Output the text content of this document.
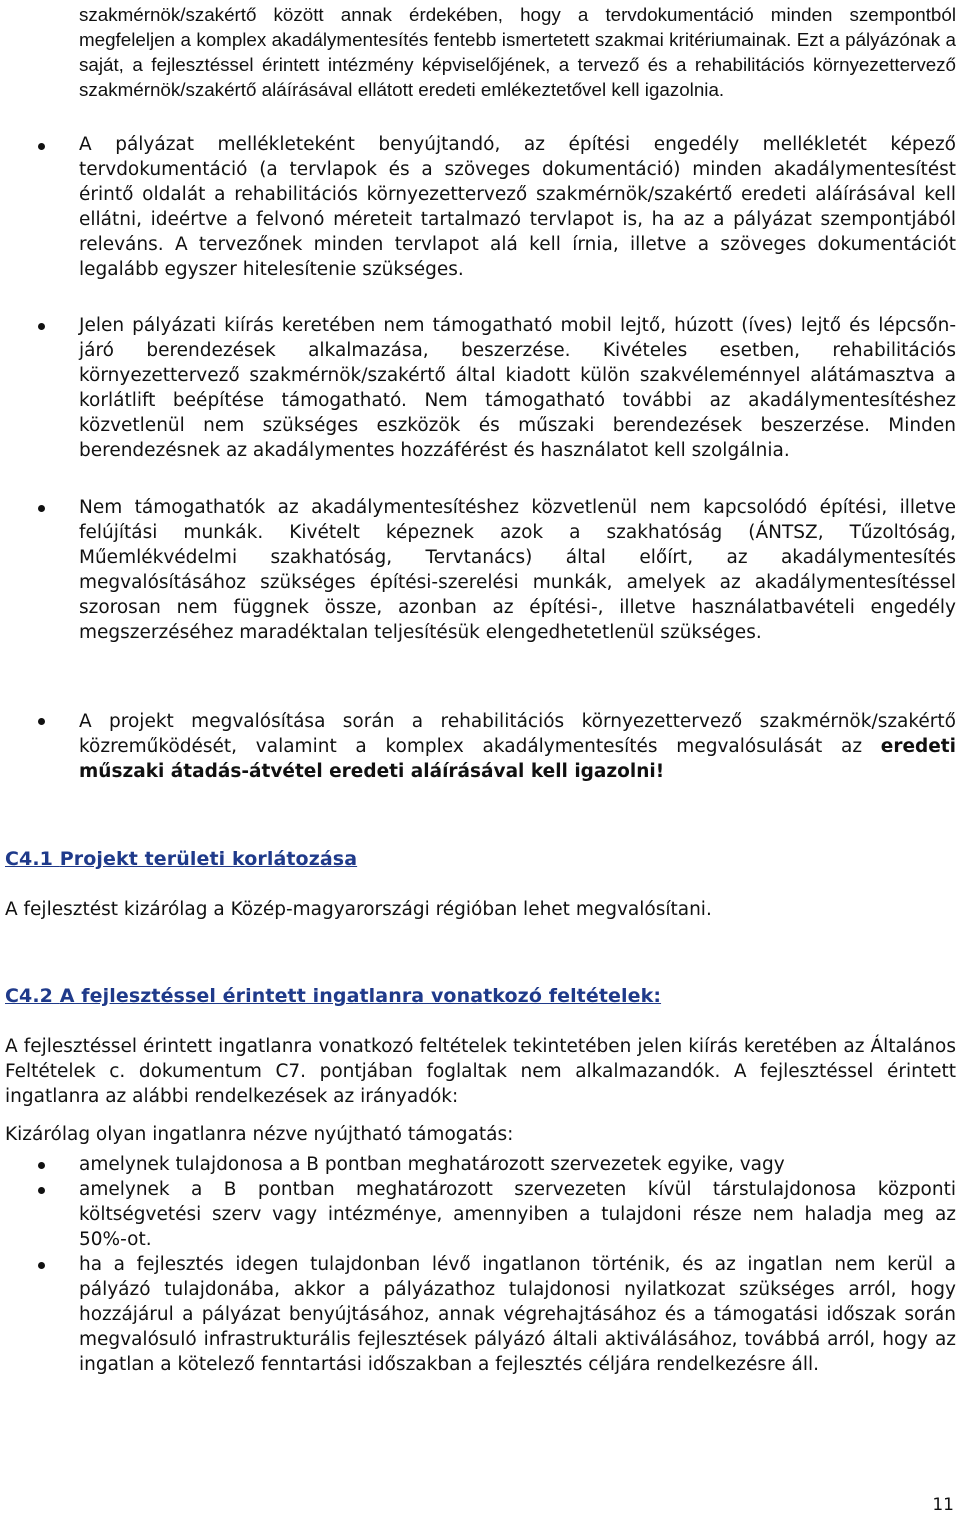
szakmérnök/szakértő között annak érdekében, hogy a tervdokumentáció minden szempontból megfeleljen a komplex akadálymentesítés fentebb ismertetett szakmai kritériumainak. Ezt a pályázónak a saját, a fejlesztéssel érintett intézmény képviselőjének, a tervező és a rehabilitációs környezettervező szakmérnök/szakértő aláírásával ellátott eredeti emlékeztetővel kell igazolnia.

A pályázat mellékleteként benyújtandó, az építési engedély mellékletét képező tervdokumentáció (a tervlapok és a szöveges dokumentáció) minden akadálymentesítést érintő oldalát a rehabilitációs környezettervező szakmérnök/szakértő eredeti aláírásával kell ellátni, ideértve a felvonó méreteit tartalmazó tervlapot is, ha az a pályázat szempontjából releváns. A tervezőnek minden tervlapot alá kell írnia, illetve a szöveges dokumentációt legalább egyszer hitelesítenie szükséges.

Jelen pályázati kiírás keretében nem támogatható mobil lejtő, húzott (íves) lejtő és lépcsőn-járó berendezések alkalmazása, beszerzése. Kivételes esetben, rehabilitációs környezettervező szakmérnök/szakértő által kiadott külön szakvéleménnyel alátámasztva a korlátlift beépítése támogatható. Nem támogatható további az akadálymentesítéshez közvetlenül nem szükséges eszközök és műszaki berendezések beszerzése. Minden berendezésnek az akadálymentes hozzáférést és használatot kell szolgálnia.

Nem támogathatók az akadálymentesítéshez közvetlenül nem kapcsolódó építési, illetve felújítási munkák. Kivételt képeznek azok a szakhatóság (ÁNTSZ, Tűzoltóság, Műemlékvédelmi szakhatóság, Tervtanács) által előírt, az akadálymentesítés megvalósításához szükséges építési-szerelési munkák, amelyek az akadálymentesítéssel szorosan nem függnek össze, azonban az építési-, illetve használatbavételi engedély megszerzéséhez maradéktalan teljesítésük elengedhetetlenül szükséges.

A projekt megvalósítása során a rehabilitációs környezettervező szakmérnök/szakértő közreműködését, valamint a komplex akadálymentesítés megvalósulását az eredeti műszaki átadás-átvétel eredeti aláírásával kell igazolni!

C4.1 Projekt területi korlátozása

A fejlesztést kizárólag a Közép-magyarországi régióban lehet megvalósítani.

C4.2 A fejlesztéssel érintett ingatlanra vonatkozó feltételek:

A fejlesztéssel érintett ingatlanra vonatkozó feltételek tekintetében jelen kiírás keretében az Általános Feltételek c. dokumentum C7. pontjában foglaltak nem alkalmazandók. A fejlesztéssel érintett ingatlanra az alábbi rendelkezések az irányadók:

Kizárólag olyan ingatlanra nézve nyújtható támogatás:

amelynek tulajdonosa a B pontban meghatározott szervezetek egyike, vagy

amelynek a B pontban meghatározott szervezeten kívül társtulajdonosa központi költségvetési szerv vagy intézménye, amennyiben a tulajdoni része nem haladja meg az 50%-ot.

ha a fejlesztés idegen tulajdonban lévő ingatlanon történik, és az ingatlan nem kerül a pályázó tulajdonába, akkor a pályázathoz tulajdonosi nyilatkozat szükséges arról, hogy hozzájárul a pályázat benyújtásához, annak végrehajtásához és a támogatási időszak során megvalósuló infrastrukturális fejlesztések pályázó általi aktiválásához, továbbá arról, hogy az ingatlan a kötelező fenntartási időszakban a fejlesztés céljára rendelkezésre áll.

11
